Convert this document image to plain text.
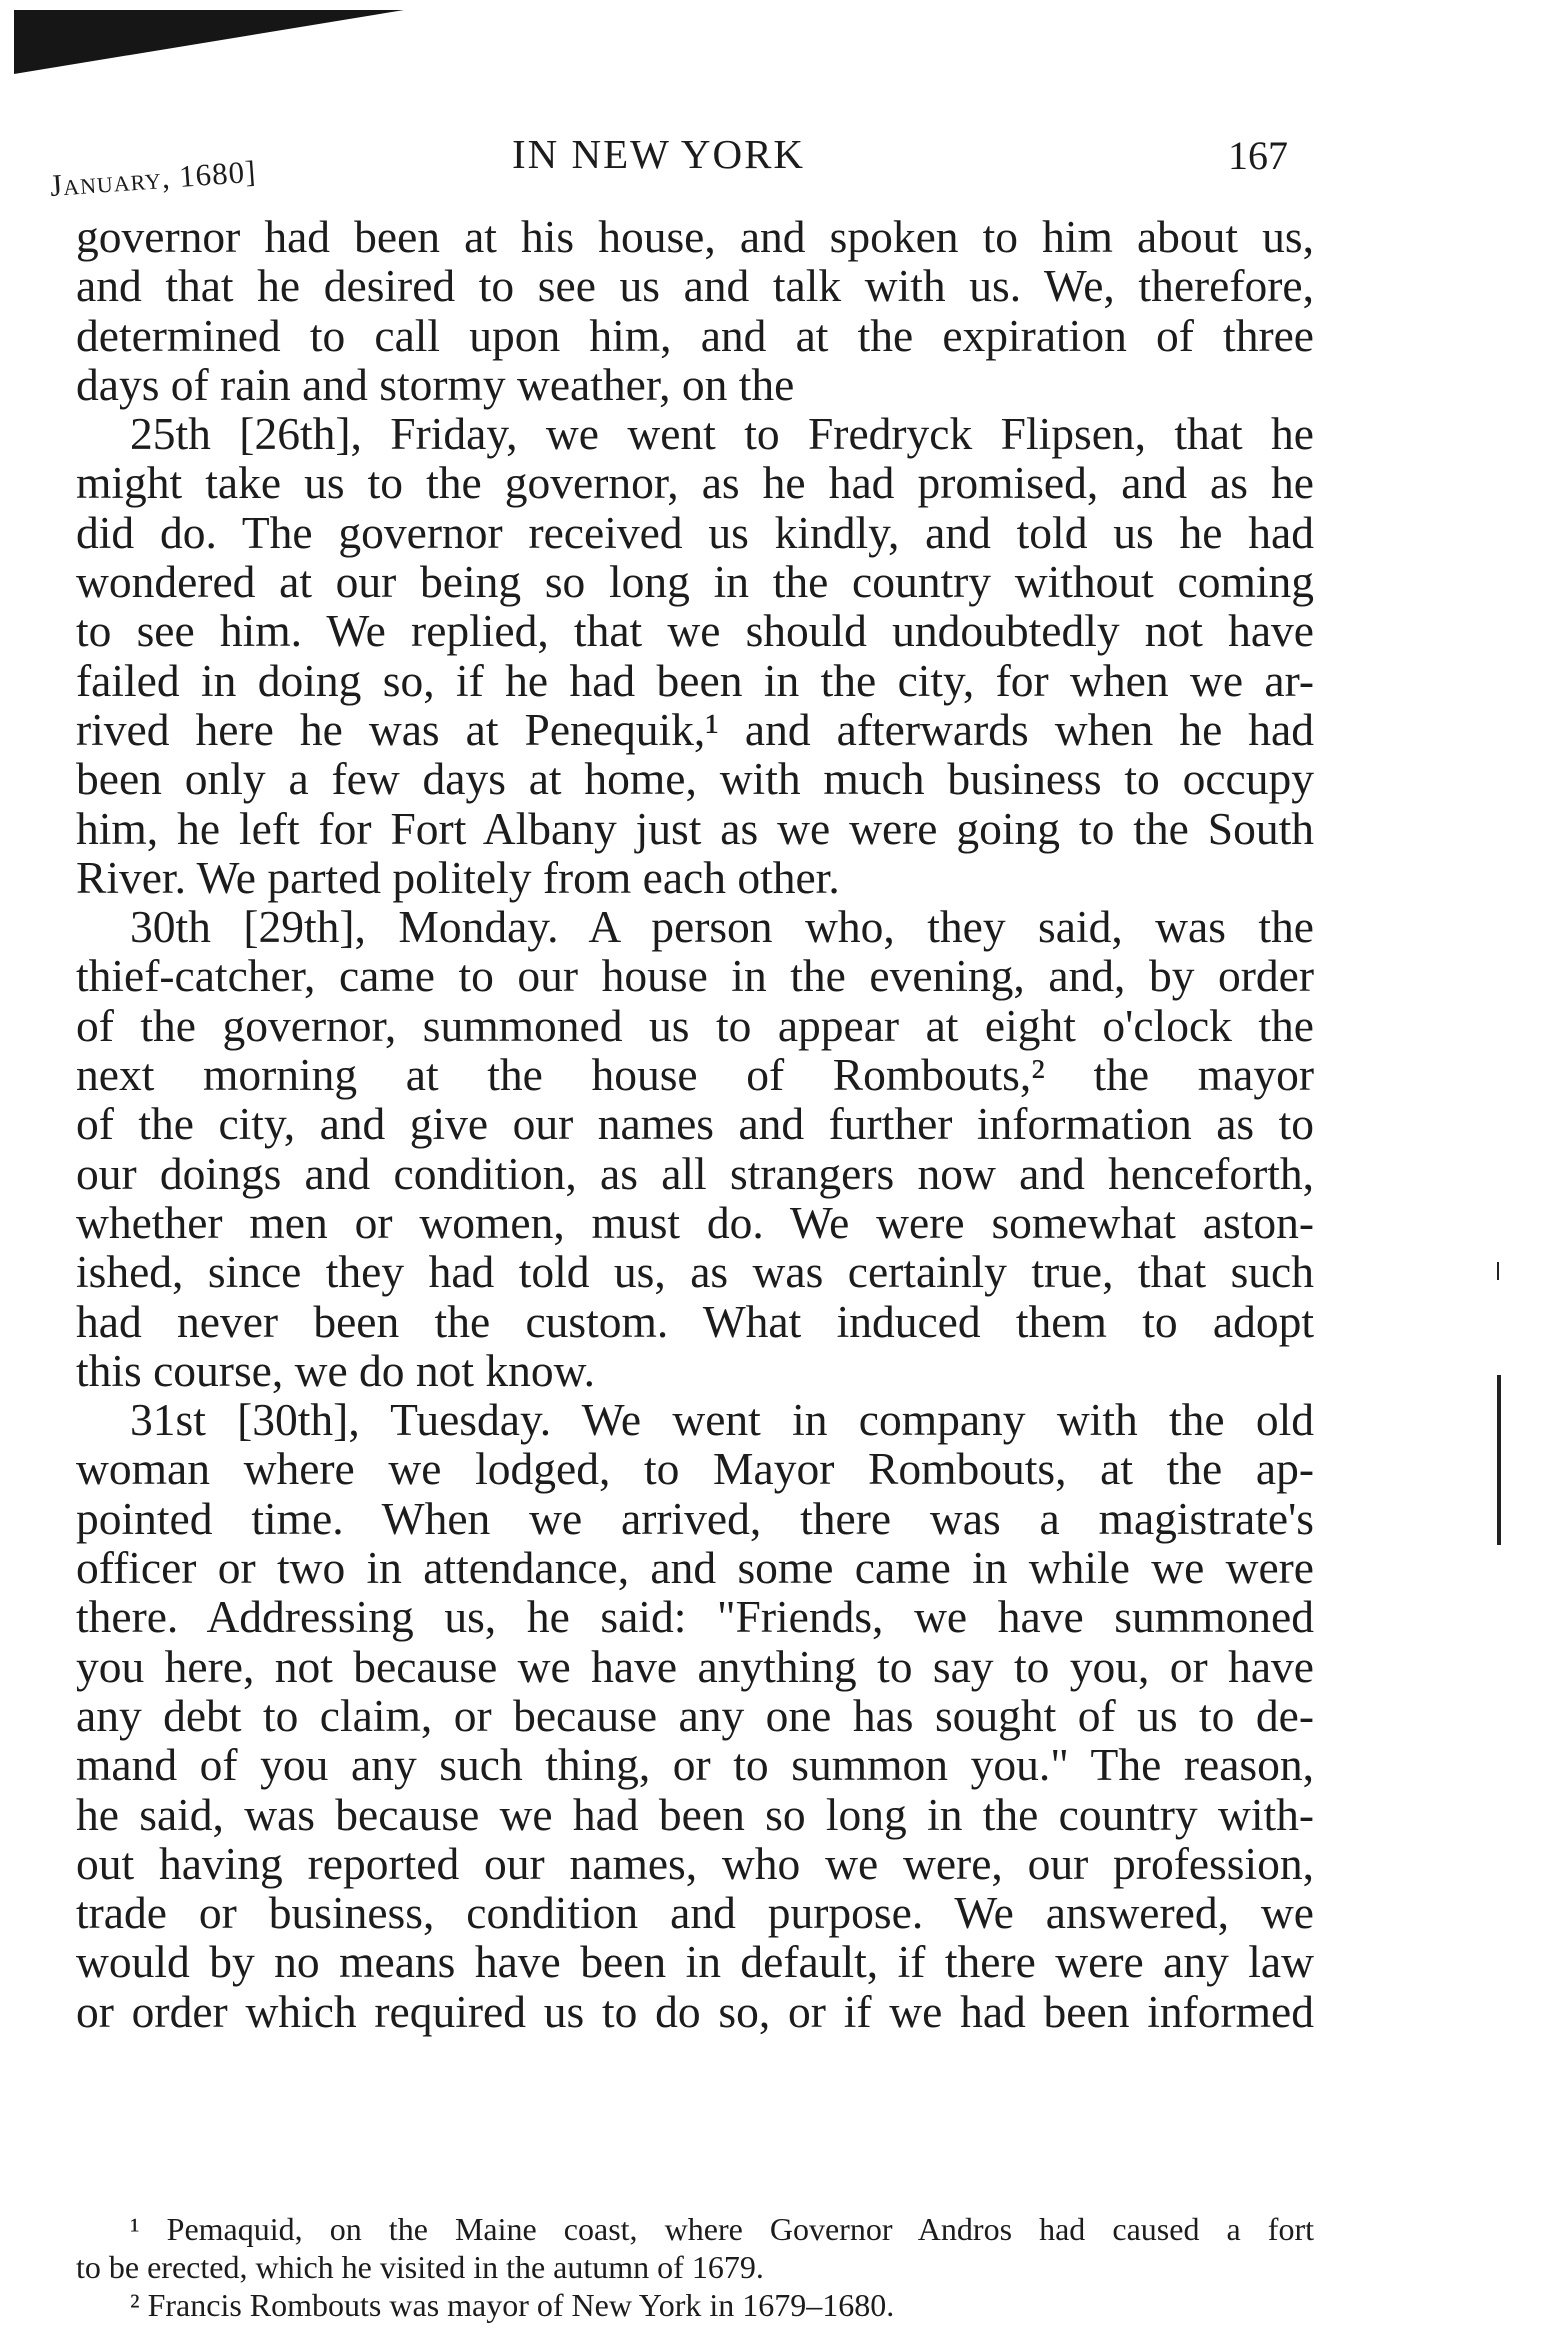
January, 1680]	IN NEW YORK	167
governor had been at his house, and spoken to him about us,
and that he desired to see us and talk with us. We, therefore,
determined to call upon him, and at the expiration of three
days of rain and stormy weather, on the
25th [26th], Friday, we went to Fredryck Flipsen, that he
might take us to the governor, as he had promised, and as he
did do. The governor received us kindly, and told us he had
wondered at our being so long in the country without coming
to see him. We replied, that we should undoubtedly not have
failed in doing so, if he had been in the city, for when we ar-
rived here he was at Penequik,¹ and afterwards when he had
been only a few days at home, with much business to occupy
him, he left for Fort Albany just as we were going to the South
River. We parted politely from each other.
30th [29th], Monday. A person who, they said, was the
thief-catcher, came to our house in the evening, and, by order
of the governor, summoned us to appear at eight o'clock the
next morning at the house of Rombouts,² the mayor
of the city, and give our names and further information as to
our doings and condition, as all strangers now and henceforth,
whether men or women, must do. We were somewhat aston-
ished, since they had told us, as was certainly true, that such
had never been the custom. What induced them to adopt
this course, we do not know.
31st [30th], Tuesday. We went in company with the old
woman where we lodged, to Mayor Rombouts, at the ap-
pointed time. When we arrived, there was a magistrate's
officer or two in attendance, and some came in while we were
there. Addressing us, he said: "Friends, we have summoned
you here, not because we have anything to say to you, or have
any debt to claim, or because any one has sought of us to de-
mand of you any such thing, or to summon you." The reason,
he said, was because we had been so long in the country with-
out having reported our names, who we were, our profession,
trade or business, condition and purpose. We answered, we
would by no means have been in default, if there were any law
or order which required us to do so, or if we had been informed
¹ Pemaquid, on the Maine coast, where Governor Andros had caused a fort
to be erected, which he visited in the autumn of 1679.
² Francis Rombouts was mayor of New York in 1679–1680.
